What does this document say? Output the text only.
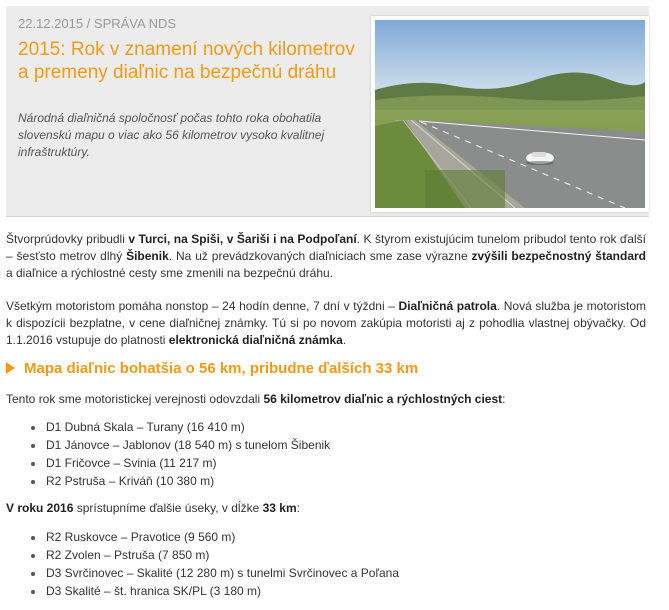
22.12.2015 / SPRÁVA NDS
2015: Rok v znamení nových kilometrov
a premeny diaľnic na bezpečnú dráhu

Národná diaľničná spoločnosť počas tohto roka obohatila slovenskú mapu o viac ako 56 kilometrov vysoko kvalitnej infraštruktúry.

Štvorprúdovky pribudli v Turci, na Spiši, v Šariši i na Podpoľaní. K štyrom existujúcim tunelom pribudol tento rok ďalší – šesťsto metrov dlhý Šibenik. Na už prevádzkovaných diaľniciach sme zase výrazne zvýšili bezpečnostný štandard a diaľnice a rýchlostné cesty sme zmenili na bezpečnú dráhu.

Všetkým motoristom pomáha nonstop – 24 hodín denne, 7 dní v týždni – Diaľničná patrola. Nová služba je motoristom k dispozícii bezplatne, v cene diaľničnej známky. Tú si po novom zakúpia motoristi aj z pohodlia vlastnej obývačky. Od 1.1.2016 vstupuje do platnosti elektronická diaľničná známka.

Mapa diaľnic bohatšia o 56 km, pribudne ďalších 33 km

Tento rok sme motoristickej verejnosti odovzdali 56 kilometrov diaľnic a rýchlostných ciest:

D1 Dubná Skala – Turany (16 410 m)
D1 Jánovce – Jablonov (18 540 m) s tunelom Šibenik
D1 Fričovce – Svinia (11 217 m)
R2 Pstruša – Kriváň (10 380 m)

V roku 2016 sprístupníme ďalšie úseky, v dĺžke 33 km:

R2 Ruskovce – Pravotice (9 560 m)
R2 Zvolen – Pstruša (7 850 m)
D3 Svrčinovec – Skalité (12 280 m) s tunelmi Svrčinovec a Poľana
D3 Skalité – št. hranica SK/PL (3 180 m)
